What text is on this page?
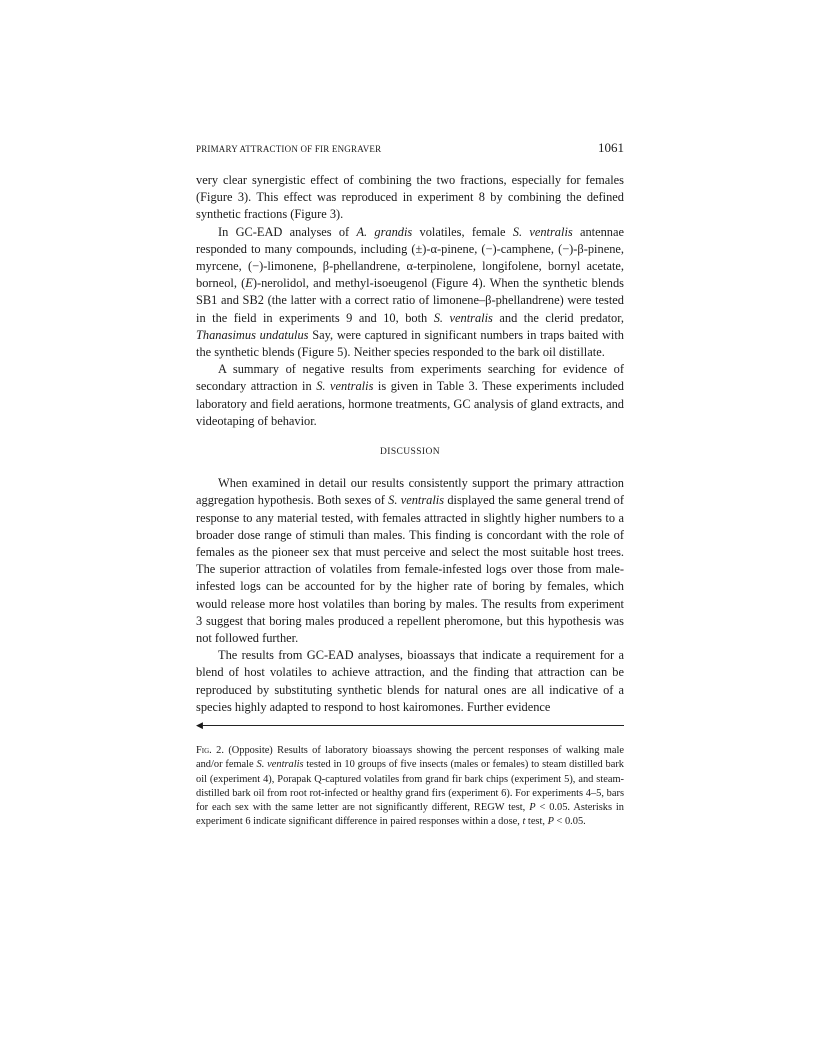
PRIMARY ATTRACTION OF FIR ENGRAVER	1061

very clear synergistic effect of combining the two fractions, especially for females (Figure 3). This effect was reproduced in experiment 8 by combining the defined synthetic fractions (Figure 3).

In GC-EAD analyses of A. grandis volatiles, female S. ventralis antennae responded to many compounds, including (±)-α-pinene, (−)-camphene, (−)-β-pinene, myrcene, (−)-limonene, β-phellandrene, α-terpinolene, longifolene, bornyl acetate, borneol, (E)-nerolidol, and methyl-isoeugenol (Figure 4). When the synthetic blends SB1 and SB2 (the latter with a correct ratio of limonene–β-phellandrene) were tested in the field in experiments 9 and 10, both S. ventralis and the clerid predator, Thanasimus undatulus Say, were captured in significant numbers in traps baited with the synthetic blends (Figure 5). Neither species responded to the bark oil distillate.

A summary of negative results from experiments searching for evidence of secondary attraction in S. ventralis is given in Table 3. These experiments included laboratory and field aerations, hormone treatments, GC analysis of gland extracts, and videotaping of behavior.

DISCUSSION

When examined in detail our results consistently support the primary attraction aggregation hypothesis. Both sexes of S. ventralis displayed the same general trend of response to any material tested, with females attracted in slightly higher numbers to a broader dose range of stimuli than males. This finding is concordant with the role of females as the pioneer sex that must perceive and select the most suitable host trees. The superior attraction of volatiles from female-infested logs over those from male-infested logs can be accounted for by the higher rate of boring by females, which would release more host volatiles than boring by males. The results from experiment 3 suggest that boring males produced a repellent pheromone, but this hypothesis was not followed further.

The results from GC-EAD analyses, bioassays that indicate a requirement for a blend of host volatiles to achieve attraction, and the finding that attraction can be reproduced by substituting synthetic blends for natural ones are all indicative of a species highly adapted to respond to host kairomones. Further evidence

◀

Fig. 2. (Opposite) Results of laboratory bioassays showing the percent responses of walking male and/or female S. ventralis tested in 10 groups of five insects (males or females) to steam distilled bark oil (experiment 4), Porapak Q-captured volatiles from grand fir bark chips (experiment 5), and steam-distilled bark oil from root rot-infected or healthy grand firs (experiment 6). For experiments 4–5, bars for each sex with the same letter are not significantly different, REGW test, P < 0.05. Asterisks in experiment 6 indicate significant difference in paired responses within a dose, t test, P < 0.05.
